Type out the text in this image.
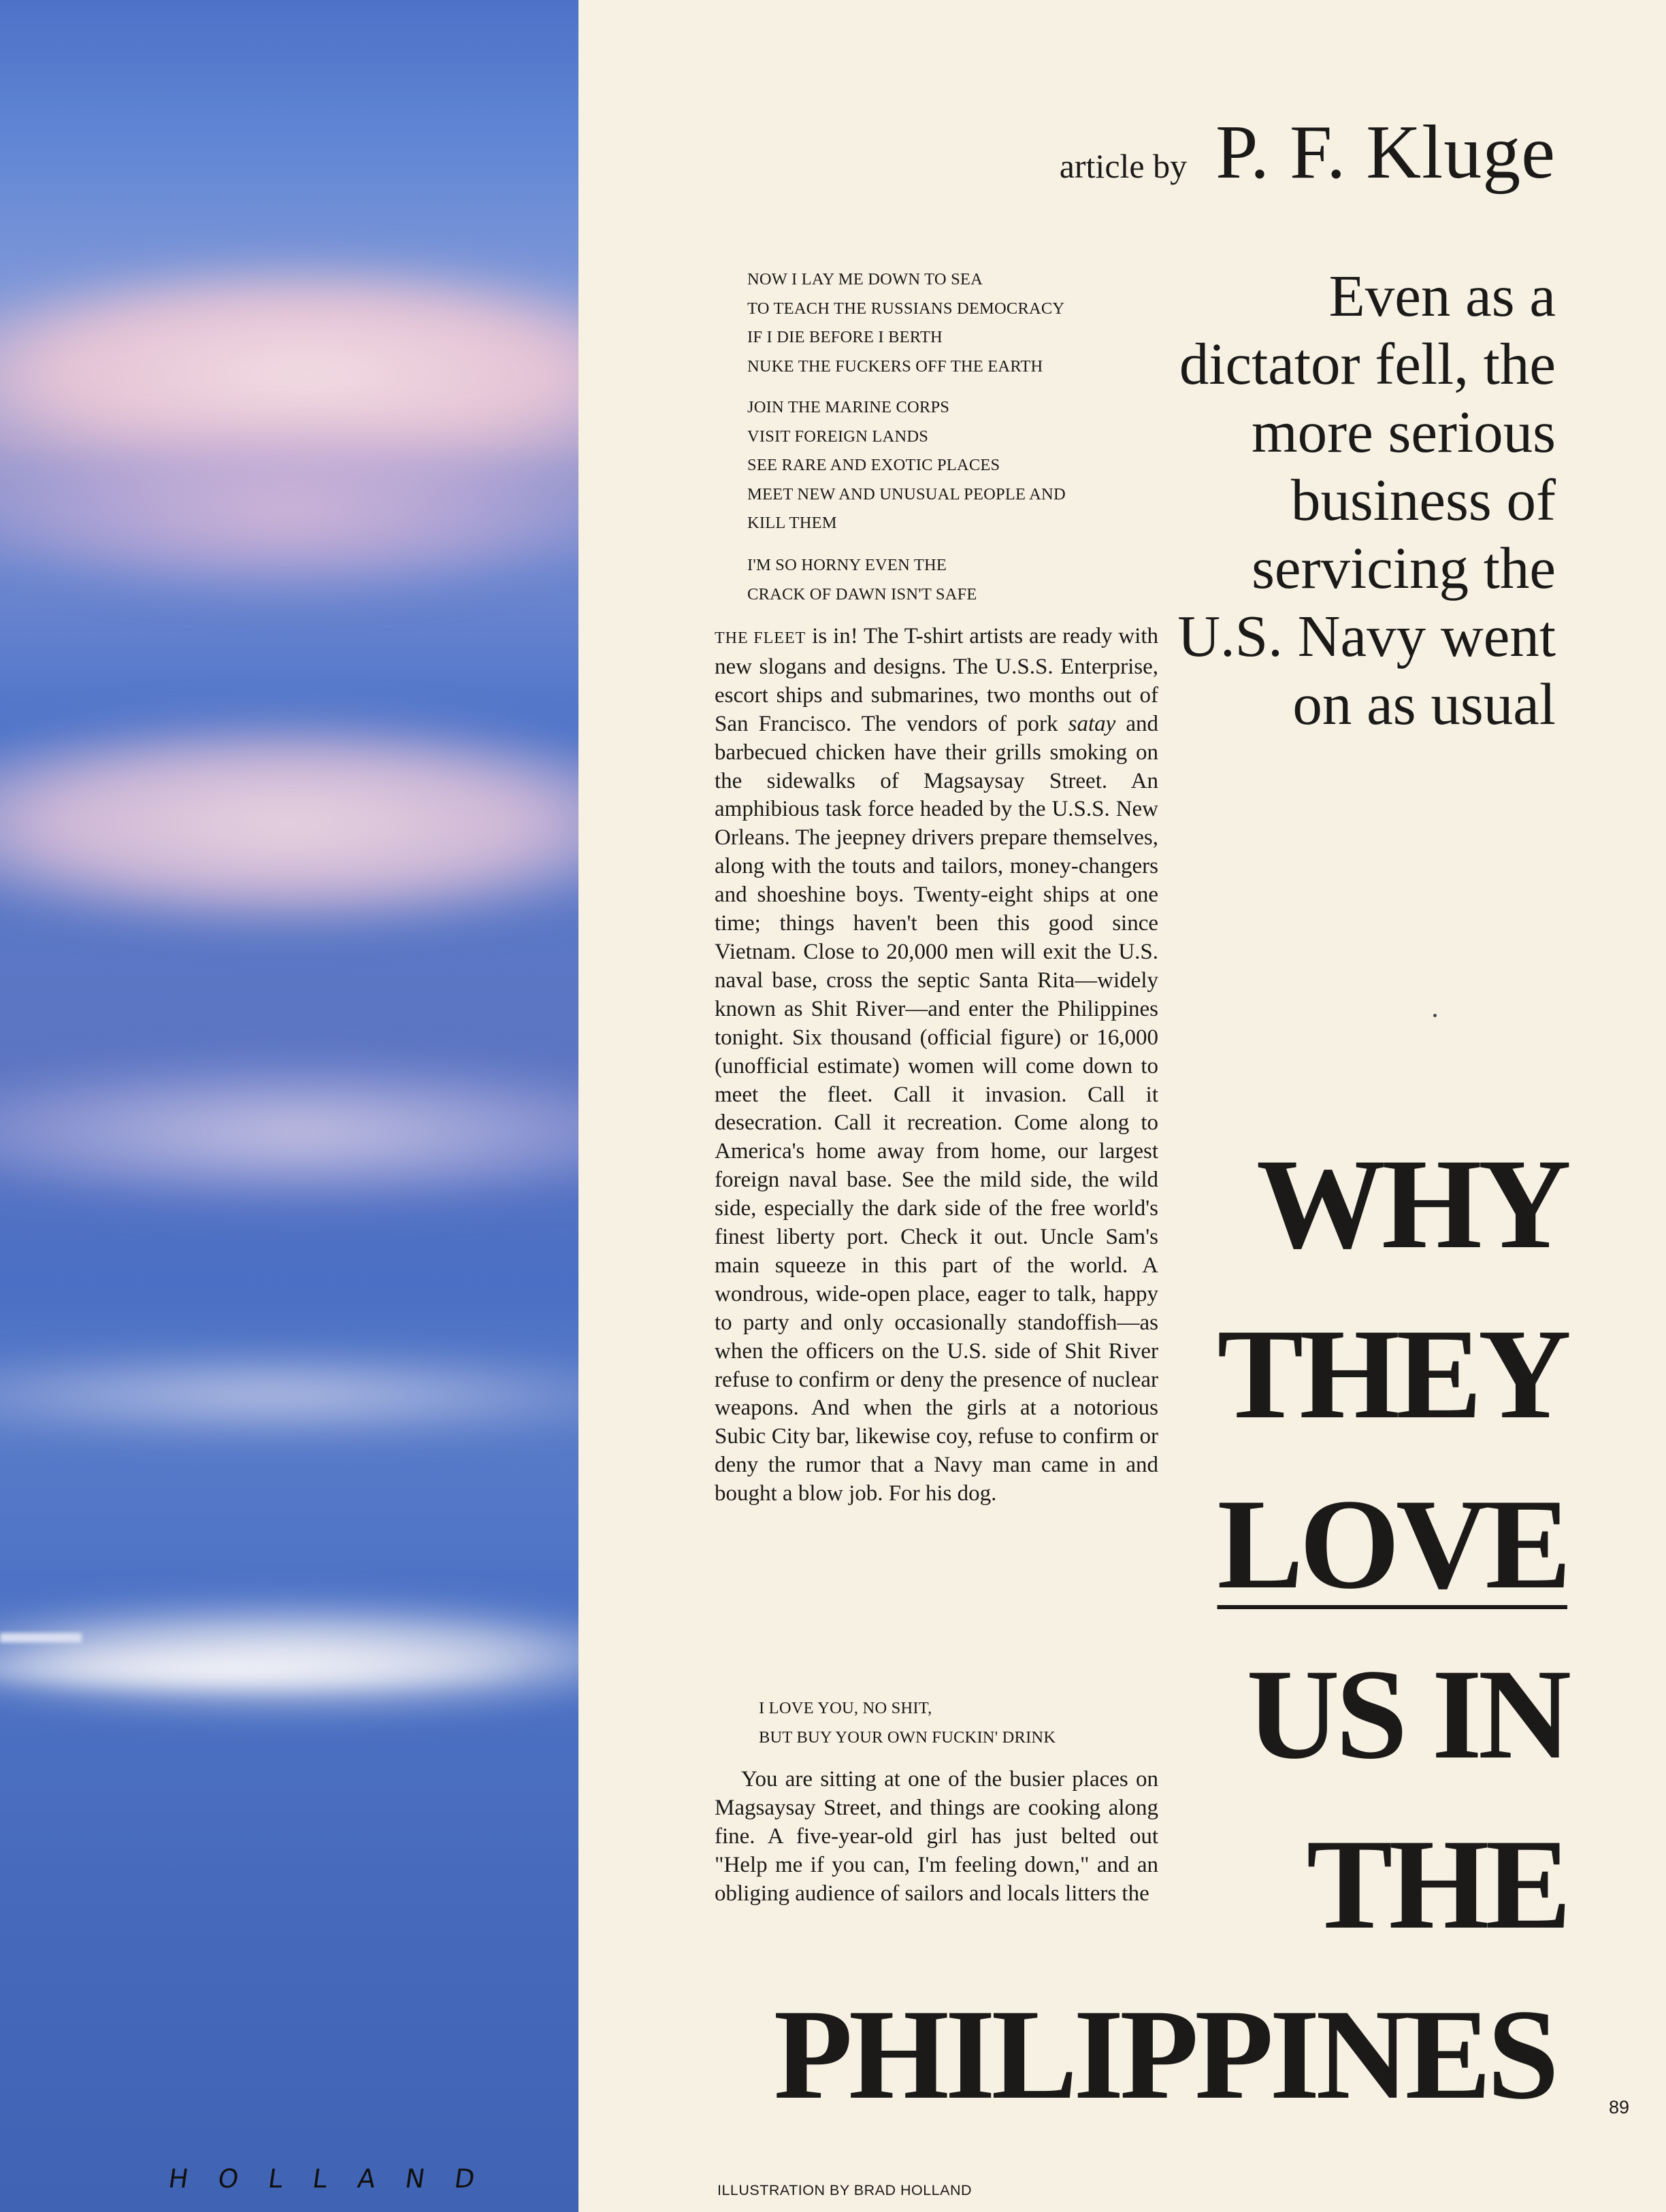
HOLLAND
article by P. F. Kluge
NOW I LAY ME DOWN TO SEA
TO TEACH THE RUSSIANS DEMOCRACY
IF I DIE BEFORE I BERTH
NUKE THE FUCKERS OFF THE EARTH
JOIN THE MARINE CORPS
VISIT FOREIGN LANDS
SEE RARE AND EXOTIC PLACES
MEET NEW AND UNUSUAL PEOPLE AND
KILL THEM
I'M SO HORNY EVEN THE
CRACK OF DAWN ISN'T SAFE
THE FLEET is in! The T-shirt artists are ready with new slogans and designs. The U.S.S. Enterprise, escort ships and submarines, two months out of San Francisco. The vendors of pork satay and barbecued chicken have their grills smoking on the sidewalks of Magsaysay Street. An amphibious task force headed by the U.S.S. New Orleans. The jeepney drivers prepare themselves, along with the touts and tailors, money-changers and shoeshine boys. Twenty-eight ships at one time; things haven't been this good since Vietnam. Close to 20,000 men will exit the U.S. naval base, cross the septic Santa Rita—widely known as Shit River—and enter the Philippines tonight. Six thousand (official figure) or 16,000 (unofficial estimate) women will come down to meet the fleet. Call it invasion. Call it desecration. Call it recreation. Come along to America's home away from home, our largest foreign naval base. See the mild side, the wild side, especially the dark side of the free world's finest liberty port. Check it out. Uncle Sam's main squeeze in this part of the world. A wondrous, wide-open place, eager to talk, happy to party and only occasionally standoffish—as when the officers on the U.S. side of Shit River refuse to confirm or deny the presence of nuclear weapons. And when the girls at a notorious Subic City bar, likewise coy, refuse to confirm or deny the rumor that a Navy man came in and bought a blow job. For his dog.
I LOVE YOU, NO SHIT,
BUT BUY YOUR OWN FUCKIN' DRINK
You are sitting at one of the busier places on Magsaysay Street, and things are cooking along fine. A five-year-old girl has just belted out "Help me if you can, I'm feeling down," and an obliging audience of sailors and locals litters the
Even as a dictator fell, the more serious business of servicing the U.S. Navy went on as usual
WHY
THEY
LOVE
US IN
THE
PHILIPPINES	89
ILLUSTRATION BY BRAD HOLLAND
